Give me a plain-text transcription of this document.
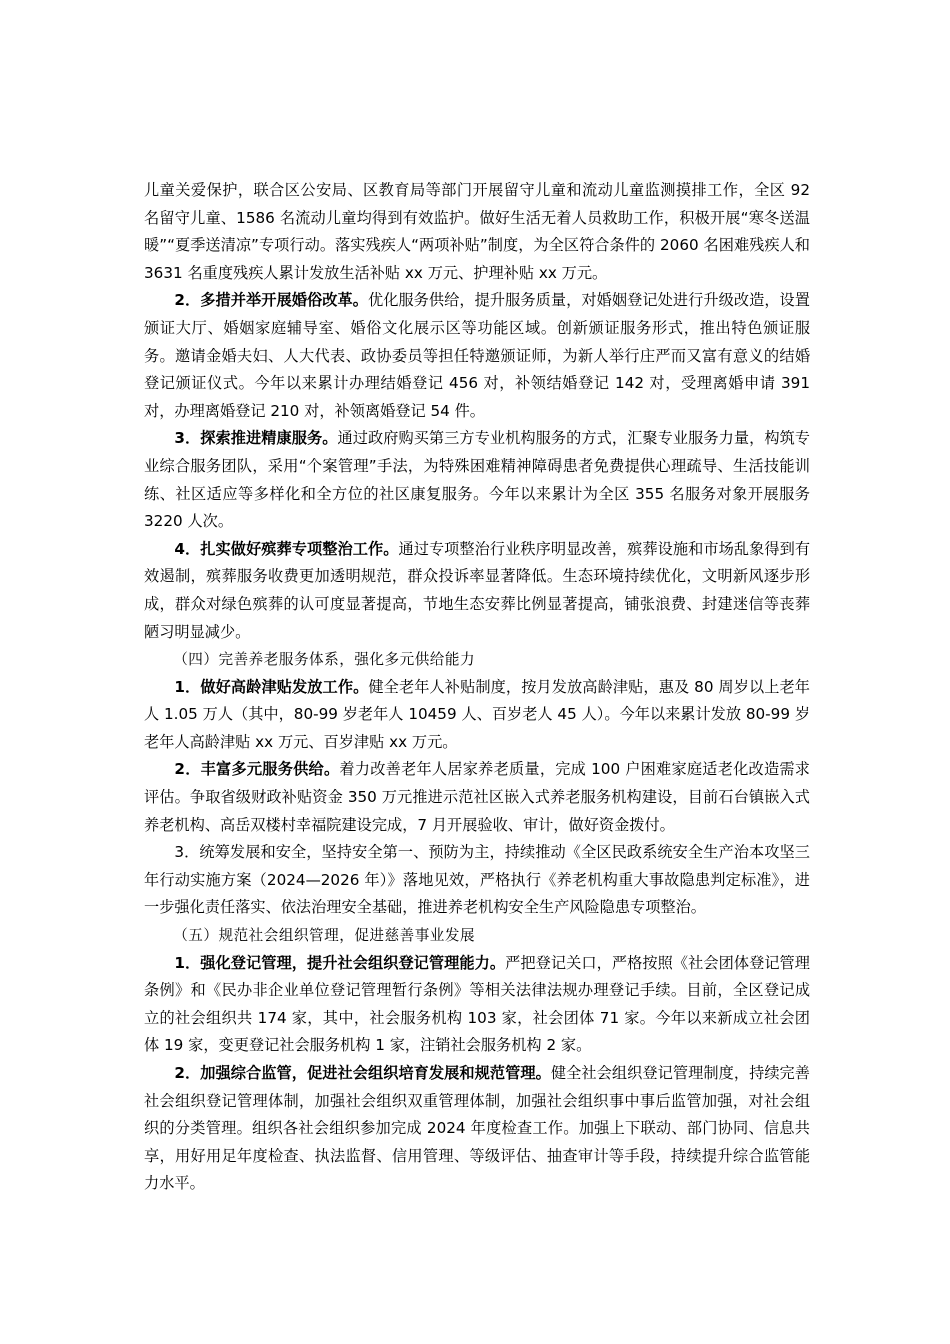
儿童关爱保护，联合区公安局、区教育局等部门开展留守儿童和流动儿童监测摸排工作，全区 92 名留守儿童、1586 名流动儿童均得到有效监护。做好生活无着人员救助工作，积极开展“寒冬送温暖”“夏季送清凉”专项行动。落实残疾人“两项补贴”制度，为全区符合条件的 2060 名困难残疾人和 3631 名重度残疾人累计发放生活补贴 xx 万元、护理补贴 xx 万元。

2．多措并举开展婚俗改革。优化服务供给，提升服务质量，对婚姻登记处进行升级改造，设置颁证大厅、婚姻家庭辅导室、婚俗文化展示区等功能区域。创新颁证服务形式，推出特色颁证服务。邀请金婚夫妇、人大代表、政协委员等担任特邀颁证师，为新人举行庄严而又富有意义的结婚登记颁证仪式。今年以来累计办理结婚登记 456 对，补领结婚登记 142 对，受理离婚申请 391 对，办理离婚登记 210 对，补领离婚登记 54 件。

3．探索推进精康服务。通过政府购买第三方专业机构服务的方式，汇聚专业服务力量，构筑专业综合服务团队，采用“个案管理”手法，为特殊困难精神障碍患者免费提供心理疏导、生活技能训练、社区适应等多样化和全方位的社区康复服务。今年以来累计为全区 355 名服务对象开展服务 3220 人次。

4．扎实做好殡葬专项整治工作。通过专项整治行业秩序明显改善，殡葬设施和市场乱象得到有效遏制，殡葬服务收费更加透明规范，群众投诉率显著降低。生态环境持续优化，文明新风逐步形成，群众对绿色殡葬的认可度显著提高，节地生态安葬比例显著提高，铺张浪费、封建迷信等丧葬陋习明显减少。

（四）完善养老服务体系，强化多元供给能力

1．做好高龄津贴发放工作。健全老年人补贴制度，按月发放高龄津贴，惠及 80 周岁以上老年人 1.05 万人（其中，80-99 岁老年人 10459 人、百岁老人 45 人）。今年以来累计发放 80-99 岁老年人高龄津贴 xx 万元、百岁津贴 xx 万元。

2．丰富多元服务供给。着力改善老年人居家养老质量，完成 100 户困难家庭适老化改造需求评估。争取省级财政补贴资金 350 万元推进示范社区嵌入式养老服务机构建设，目前石台镇嵌入式养老机构、高岳双楼村幸福院建设完成，7 月开展验收、审计，做好资金拨付。

3．统筹发展和安全，坚持安全第一、预防为主，持续推动《全区民政系统安全生产治本攻坚三年行动实施方案（2024—2026 年）》落地见效，严格执行《养老机构重大事故隐患判定标准》，进一步强化责任落实、依法治理安全基础，推进养老机构安全生产风险隐患专项整治。

（五）规范社会组织管理，促进慈善事业发展

1．强化登记管理，提升社会组织登记管理能力。严把登记关口，严格按照《社会团体登记管理条例》和《民办非企业单位登记管理暂行条例》等相关法律法规办理登记手续。目前，全区登记成立的社会组织共 174 家，其中，社会服务机构 103 家，社会团体 71 家。今年以来新成立社会团体 19 家，变更登记社会服务机构 1 家，注销社会服务机构 2 家。

2．加强综合监管，促进社会组织培育发展和规范管理。健全社会组织登记管理制度，持续完善社会组织登记管理体制，加强社会组织双重管理体制，加强社会组织事中事后监管加强，对社会组织的分类管理。组织各社会组织参加完成 2024 年度检查工作。加强上下联动、部门协同、信息共享，用好用足年度检查、执法监督、信用管理、等级评估、抽查审计等手段，持续提升综合监管能力水平。
